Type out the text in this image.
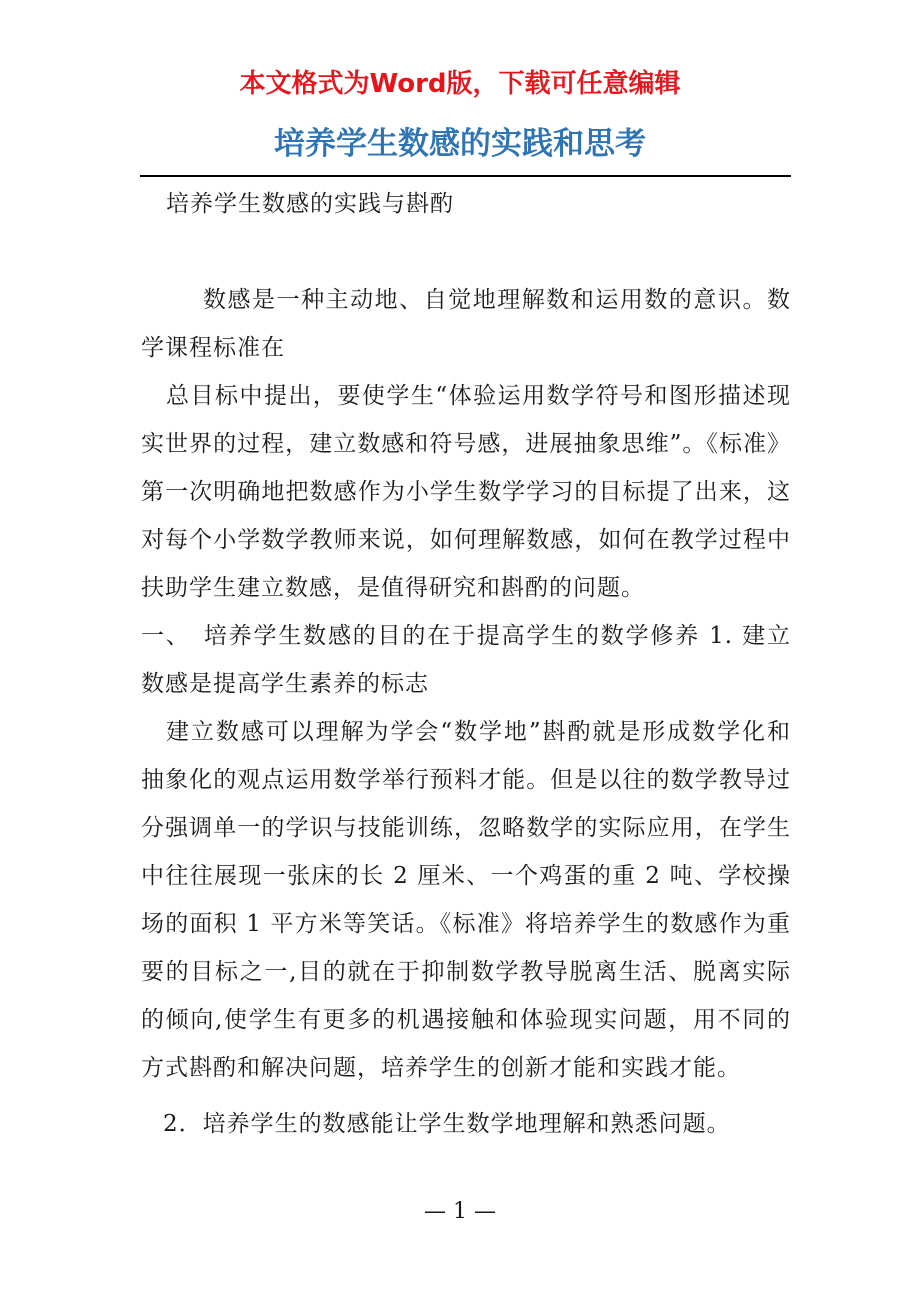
本文格式为Word版，下载可任意编辑
培养学生数感的实践和思考

培养学生数感的实践与斟酌

数感是一种主动地、自觉地理解数和运用数的意识。数学课程标准在

总目标中提出，要使学生“体验运用数学符号和图形描述现实世界的过程，建立数感和符号感，进展抽象思维”。《标准》第一次明确地把数感作为小学生数学学习的目标提了出来，这对每个小学数学教师来说，如何理解数感，如何在教学过程中扶助学生建立数感，是值得研究和斟酌的问题。

一、　培养学生数感的目的在于提高学生的数学修养 1. 建立数感是提高学生素养的标志

建立数感可以理解为学会“数学地”斟酌就是形成数学化和抽象化的观点运用数学举行预料才能。但是以往的数学教导过分强调单一的学识与技能训练，忽略数学的实际应用，在学生中往往展现一张床的长 2 厘米、一个鸡蛋的重 2 吨、学校操场的面积 1 平方米等笑话。《标准》将培养学生的数感作为重要的目标之一,目的就在于抑制数学教导脱离生活、脱离实际的倾向,使学生有更多的机遇接触和体验现实问题，用不同的方式斟酌和解决问题，培养学生的创新才能和实践才能。

2．培养学生的数感能让学生数学地理解和熟悉问题。

— 1 —
